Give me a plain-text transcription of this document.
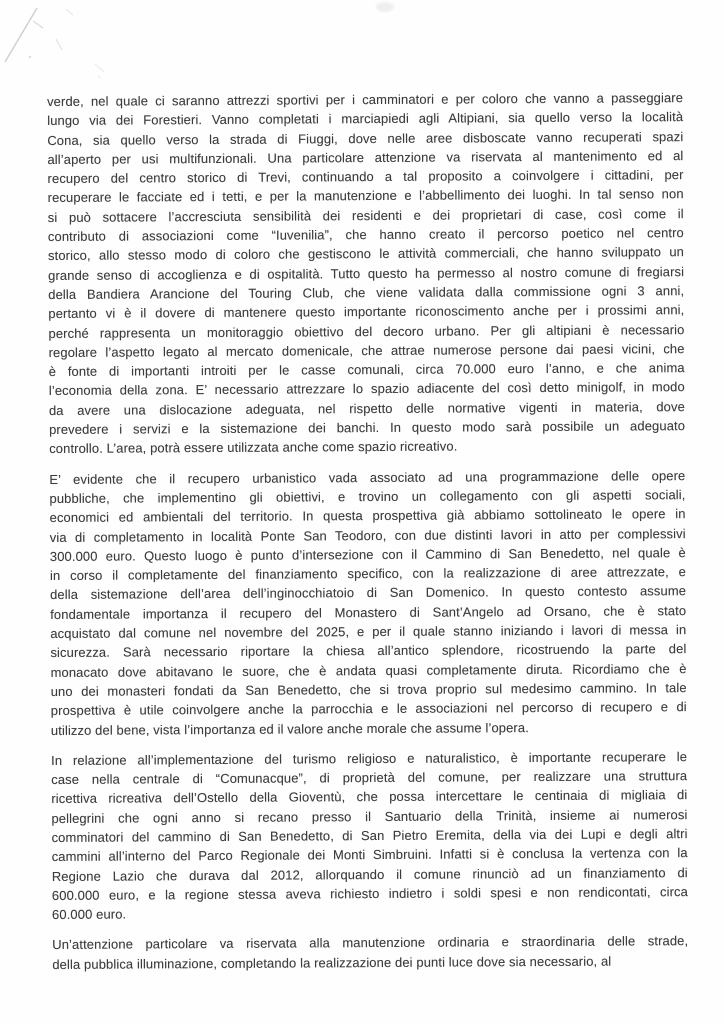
verde, nel quale ci saranno attrezzi sportivi per i camminatori e per coloro che vanno a passeggiare
lungo via dei Forestieri. Vanno completati i marciapiedi agli Altipiani, sia quello verso la località
Cona, sia quello verso la strada di Fiuggi, dove nelle aree disboscate vanno recuperati spazi
all’aperto per usi multifunzionali. Una particolare attenzione va riservata al mantenimento ed al
recupero del centro storico di Trevi, continuando a tal proposito a coinvolgere i cittadini, per
recuperare le facciate ed i tetti, e per la manutenzione e l’abbellimento dei luoghi. In tal senso non
si può sottacere l’accresciuta sensibilità dei residenti e dei proprietari di case, così come il
contributo di associazioni come “Iuvenilia”, che hanno creato il percorso poetico nel centro
storico, allo stesso modo di coloro che gestiscono le attività commerciali, che hanno sviluppato un
grande senso di accoglienza e di ospitalità. Tutto questo ha permesso al nostro comune di fregiarsi
della Bandiera Arancione del Touring Club, che viene validata dalla commissione ogni 3 anni,
pertanto vi è il dovere di mantenere questo importante riconoscimento anche per i prossimi anni,
perché rappresenta un monitoraggio obiettivo del decoro urbano. Per gli altipiani è necessario
regolare l’aspetto legato al mercato domenicale, che attrae numerose persone dai paesi vicini, che
è fonte di importanti introiti per le casse comunali, circa 70.000 euro l’anno, e che anima
l’economia della zona. E’ necessario attrezzare lo spazio adiacente del così detto minigolf, in modo
da avere una dislocazione adeguata, nel rispetto delle normative vigenti in materia, dove
prevedere i servizi e la sistemazione dei banchi. In questo modo sarà possibile un adeguato
controllo. L’area, potrà essere utilizzata anche come spazio ricreativo.
E’ evidente che il recupero urbanistico vada associato ad una programmazione delle opere
pubbliche, che implementino gli obiettivi, e trovino un collegamento con gli aspetti sociali,
economici ed ambientali del territorio. In questa prospettiva già abbiamo sottolineato le opere in
via di completamento in località Ponte San Teodoro, con due distinti lavori in atto per complessivi
300.000 euro. Questo luogo è punto d’intersezione con il Cammino di San Benedetto, nel quale è
in corso il completamente del finanziamento specifico, con la realizzazione di aree attrezzate, e
della sistemazione dell’area dell’inginocchiatoio di San Domenico. In questo contesto assume
fondamentale importanza il recupero del Monastero di Sant’Angelo ad Orsano, che è stato
acquistato dal comune nel novembre del 2025, e per il quale stanno iniziando i lavori di messa in
sicurezza. Sarà necessario riportare la chiesa all’antico splendore, ricostruendo la parte del
monacato dove abitavano le suore, che è andata quasi completamente diruta. Ricordiamo che è
uno dei monasteri fondati da San Benedetto, che si trova proprio sul medesimo cammino. In tale
prospettiva è utile coinvolgere anche la parrocchia e le associazioni nel percorso di recupero e di
utilizzo del bene, vista l’importanza ed il valore anche morale che assume l’opera.
In relazione all’implementazione del turismo religioso e naturalistico, è importante recuperare le
case nella centrale di “Comunacque”, di proprietà del comune, per realizzare una struttura
ricettiva ricreativa dell’Ostello della Gioventù, che possa intercettare le centinaia di migliaia di
pellegrini che ogni anno si recano presso il Santuario della Trinità, insieme ai numerosi
comminatori del cammino di San Benedetto, di San Pietro Eremita, della via dei Lupi e degli altri
cammini all’interno del Parco Regionale dei Monti Simbruini. Infatti si è conclusa la vertenza con la
Regione Lazio che durava dal 2012, allorquando il comune rinunciò ad un finanziamento di
600.000 euro, e la regione stessa aveva richiesto indietro i soldi spesi e non rendicontati, circa
60.000 euro.
Un’attenzione particolare va riservata alla manutenzione ordinaria e straordinaria delle strade,
della pubblica illuminazione, completando la realizzazione dei punti luce dove sia necessario, al
